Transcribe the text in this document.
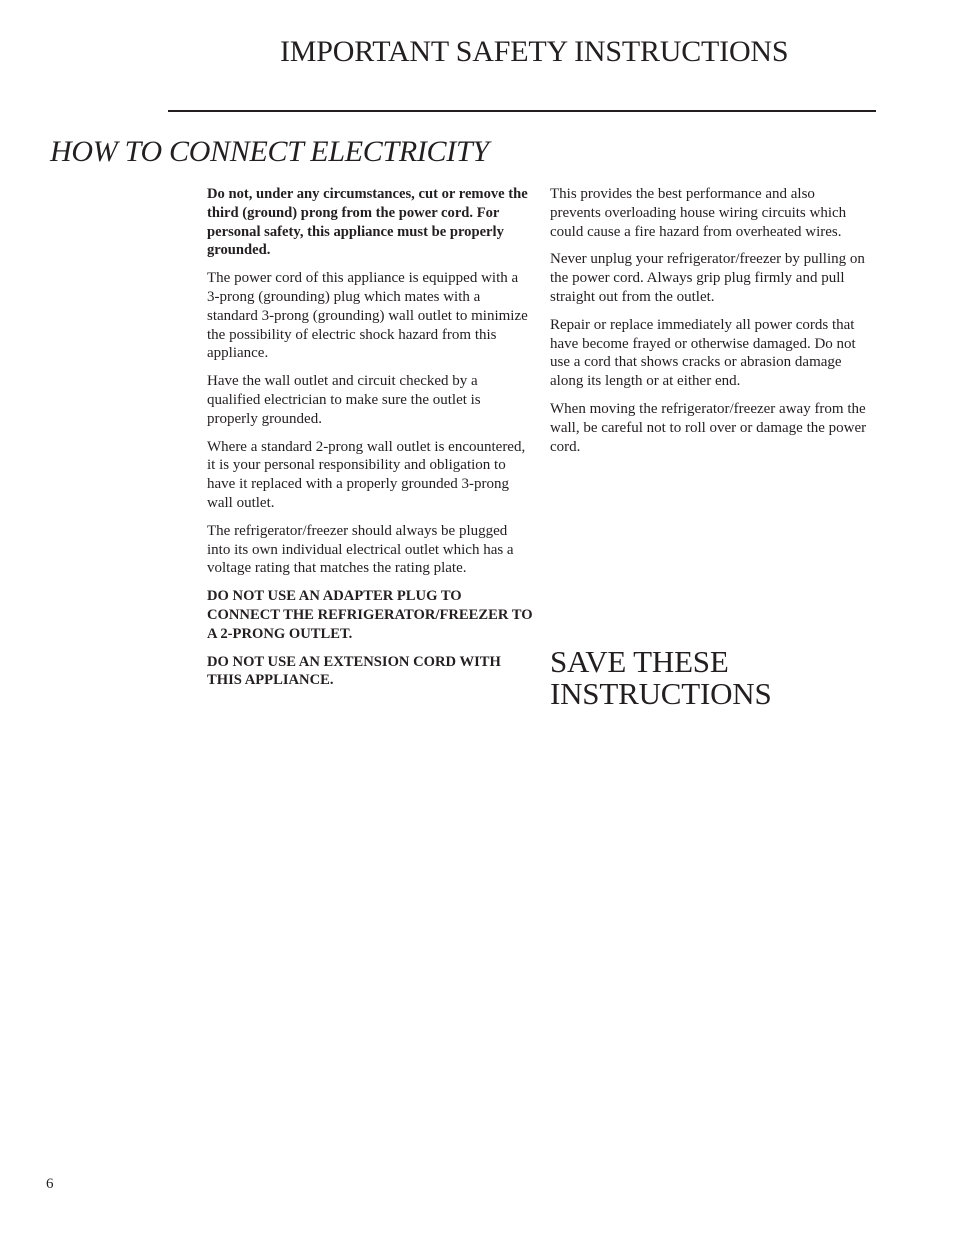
IMPORTANT SAFETY INSTRUCTIONS
HOW TO CONNECT ELECTRICITY

Do not, under any circumstances, cut or remove the third (ground) prong from the power cord. For personal safety, this appliance must be properly grounded.

The power cord of this appliance is equipped with a 3-prong (grounding) plug which mates with a standard 3-prong (grounding) wall outlet to minimize the possibility of electric shock hazard from this appliance.

Have the wall outlet and circuit checked by a qualified electrician to make sure the outlet is properly grounded.

Where a standard 2-prong wall outlet is encountered, it is your personal responsibility and obligation to have it replaced with a properly grounded 3-prong wall outlet.

The refrigerator/freezer should always be plugged into its own individual electrical outlet which has a voltage rating that matches the rating plate.

DO NOT USE AN ADAPTER PLUG TO CONNECT THE REFRIGERATOR/FREEZER TO A 2-PRONG OUTLET.

DO NOT USE AN EXTENSION CORD WITH THIS APPLIANCE.

This provides the best performance and also prevents overloading house wiring circuits which could cause a fire hazard from overheated wires.

Never unplug your refrigerator/freezer by pulling on the power cord. Always grip plug firmly and pull straight out from the outlet.

Repair or replace immediately all power cords that have become frayed or otherwise damaged. Do not use a cord that shows cracks or abrasion damage along its length or at either end.

When moving the refrigerator/freezer away from the wall, be careful not to roll over or damage the power cord.

SAVE THESE
INSTRUCTIONS
6
